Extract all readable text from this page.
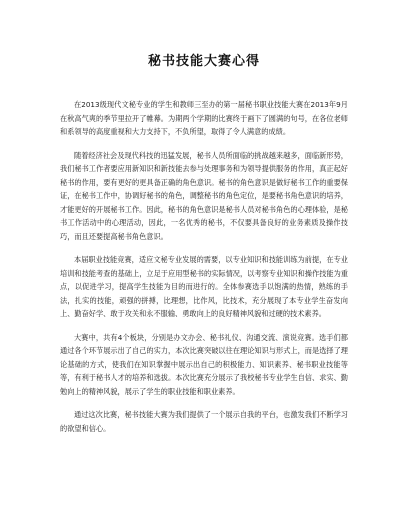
秘书技能大赛心得

在2013级现代文秘专业的学生和教师三至办的第一届秘书职业技能大赛在2013年9月在秋高气爽的季节里拉开了帷幕。为期两个学期的比赛终于画下了圆满的句号，在各位老师和系领导的高度重视和大力支持下，不负所望，取得了令人满意的成绩。

随着经济社会及现代科技的迅猛发展，秘书人员所面临的挑战越来越多，面临新形势，我们秘书工作者要应用新知识和新技能去参与处理事务和为领导提供服务的作用，真正起好秘书的作用，要有更好的更具备正确的角色意识。秘书的角色意识是做好秘书工作的重要保证，在秘书工作中，协调好秘书的角色，调整秘书的角色定位，是要秘书角色意识的培养，才能更好的开展秘书工作。因此，秘书的角色意识是秘书人员对秘书角色的心理体验，是秘书工作活动中的心理活动，因此，一名优秀的秘书，不仅要具备良好的业务素质及操作技巧，而且还要提高秘书角色意识。

本届职业技能竞赛，适应文秘专业发展的需要，以专业知识和技能训练为前提，在专业培训和技能考查的基础上，立足于应用型秘书的实际情况，以考察专业知识和操作技能为重点，以促进学习，提高学生技能为目的而进行的。全体参赛选手以饱满的热情，熟练的手法，扎实的技能，顽强的拼搏，比理想，比作风，比技术，充分展现了本专业学生奋发向上、勤奋好学、敢于攻关和永不服输、勇敢向上的良好精神风貌和过硬的技术素养。

大赛中，共有4个板块，分别是办文办会、秘书礼仪、沟通交流、演说竞赛。选手们都通过各个环节展示出了自己的实力，本次比赛突破以往在理论知识与形式上，而是选择了理论基础的方式，使我们在知识掌握中展示出自己的积极能力、知识素养、秘书职业技能等等，有利于秘书人才的培养和选拔。本次比赛充分展示了我校秘书专业学生自信、求实、勤勉向上的精神风貌，展示了学生的职业技能和职业素养。

通过这次比赛，秘书技能大赛为我们提供了一个展示自我的平台，也激发我们不断学习的欲望和信心。
